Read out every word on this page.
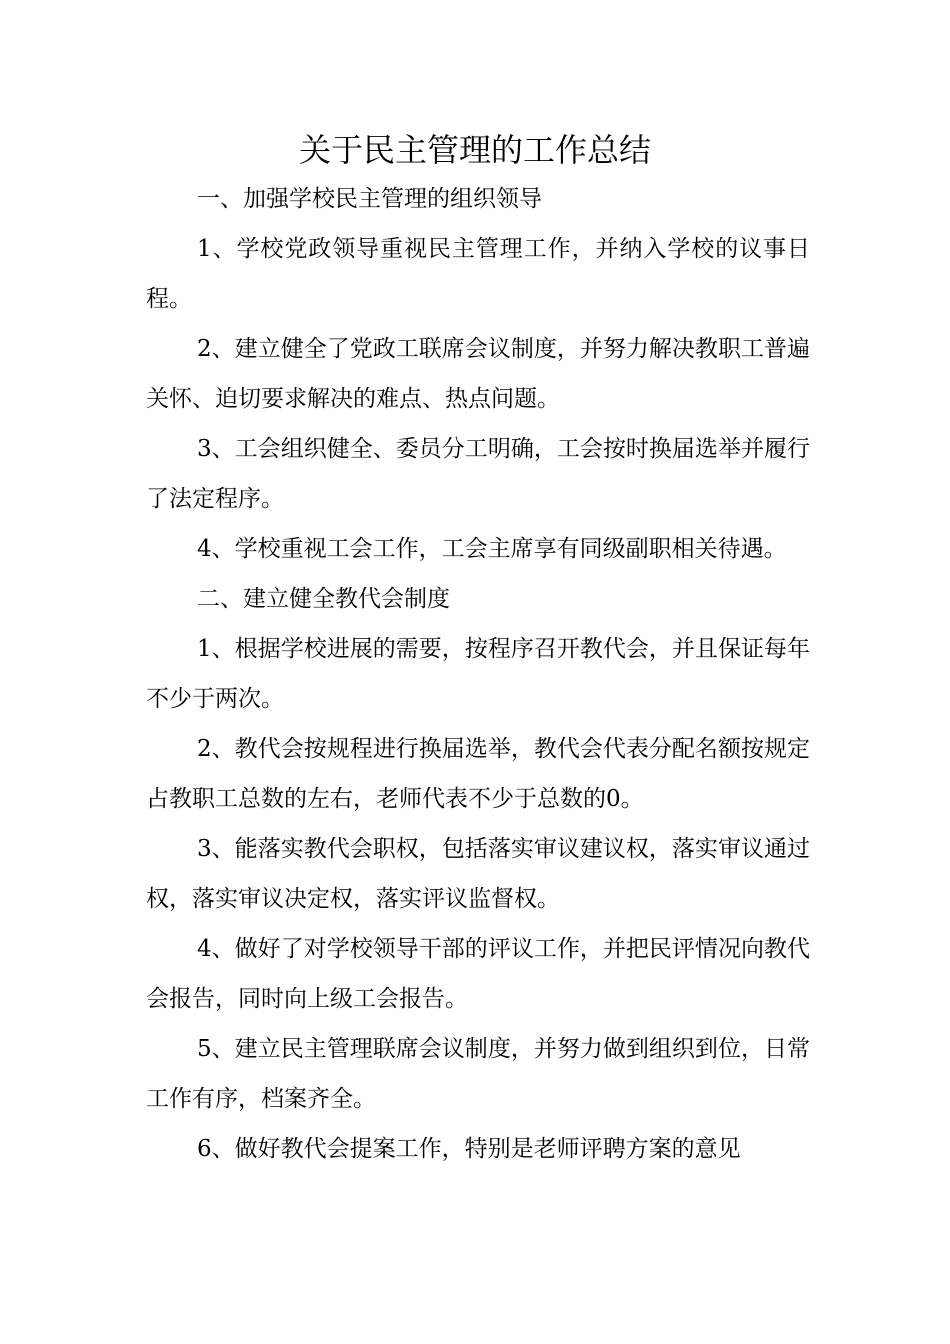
关于民主管理的工作总结

一、加强学校民主管理的组织领导

1、学校党政领导重视民主管理工作，并纳入学校的议事日程。

2、建立健全了党政工联席会议制度，并努力解决教职工普遍关怀、迫切要求解决的难点、热点问题。

3、工会组织健全、委员分工明确，工会按时换届选举并履行了法定程序。

4、学校重视工会工作，工会主席享有同级副职相关待遇。

二、建立健全教代会制度

1、根据学校进展的需要，按程序召开教代会，并且保证每年不少于两次。

2、教代会按规程进行换届选举，教代会代表分配名额按规定占教职工总数的左右，老师代表不少于总数的0。

3、能落实教代会职权，包括落实审议建议权，落实审议通过权，落实审议决定权，落实评议监督权。

4、做好了对学校领导干部的评议工作，并把民评情况向教代会报告，同时向上级工会报告。

5、建立民主管理联席会议制度，并努力做到组织到位，日常工作有序，档案齐全。

6、做好教代会提案工作，特别是老师评聘方案的意见
